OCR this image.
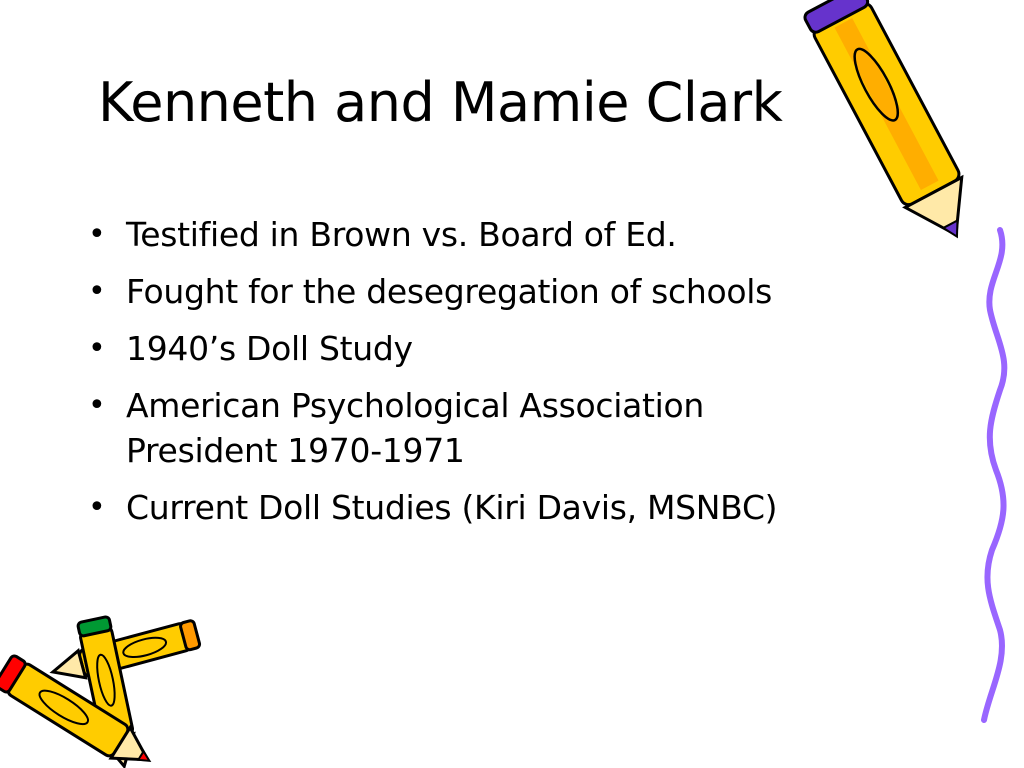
Kenneth and Mamie Clark
• Testified in Brown vs. Board of Ed.
• Fought for the desegregation of schools
• 1940’s Doll Study
• American Psychological Association President 1970-1971
• Current Doll Studies (Kiri Davis, MSNBC)
